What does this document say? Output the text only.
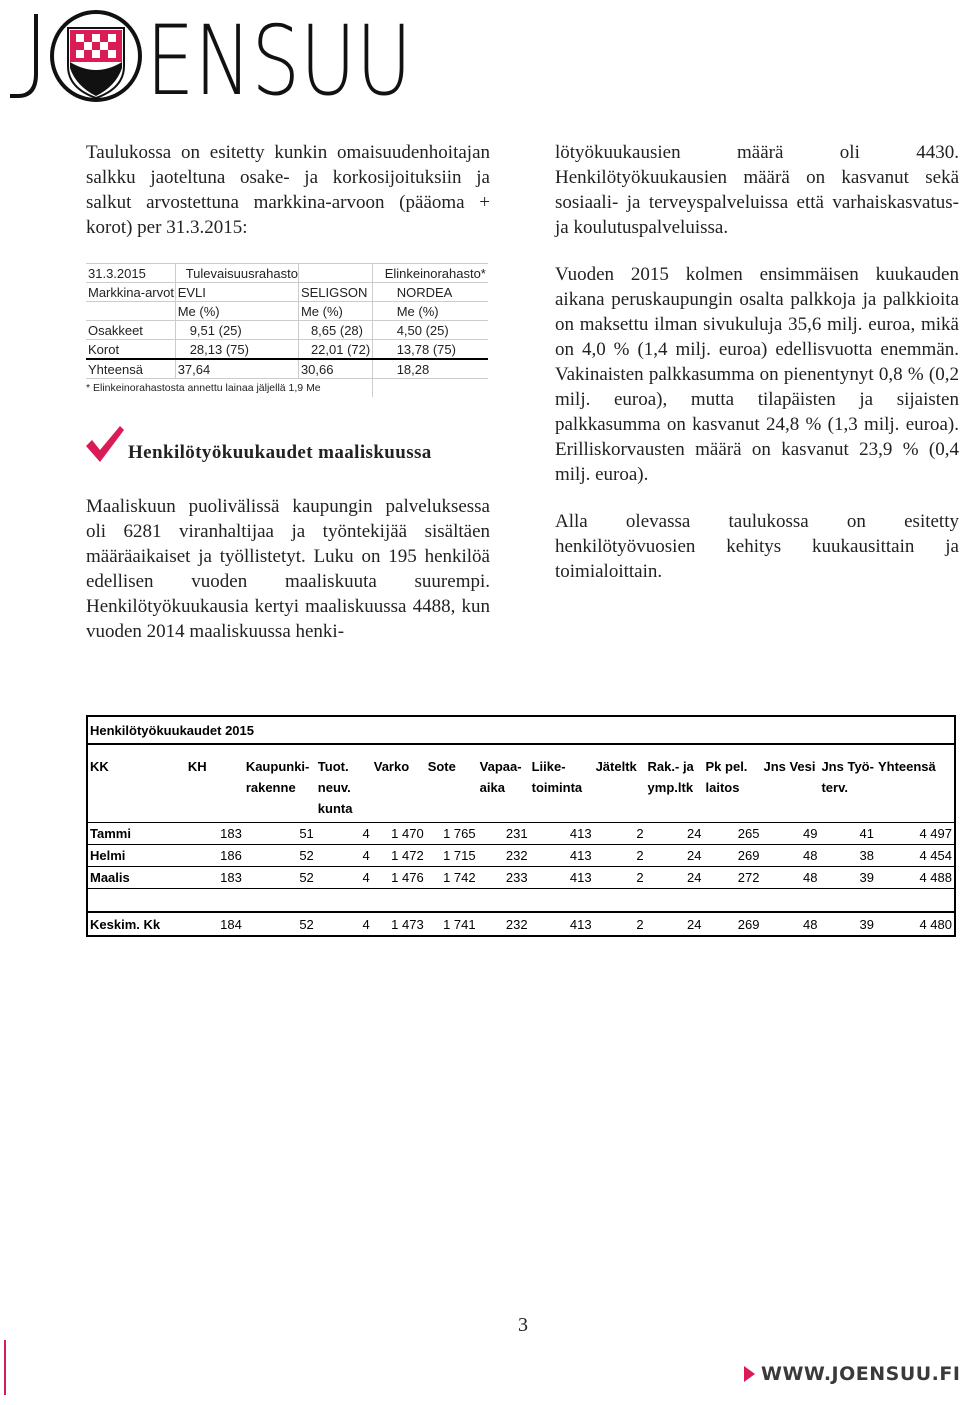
ENSUU

Taulukossa on esitetty kunkin omaisuudenhoitajan salkku jaoteltuna osake- ja korkosijoituksiin ja salkut arvostettuna markkina-arvoon (pääoma + korot) per 31.3.2015:

31.3.2015	Tulevaisuusrahasto		Elinkeinorahasto*
Markkina-arvot	EVLI	SELIGSON	NORDEA
	Me (%)	Me (%)	Me (%)
Osakkeet	9,51 (25)	8,65 (28)	4,50 (25)
Korot	28,13 (75)	22,01 (72)	13,78 (75)
Yhteensä	37,64	30,66	18,28
* Elinkeinorahastosta annettu lainaa jäljellä 1,9 Me			
Henkilötyökuukaudet maaliskuussa

Maaliskuun puolivälissä kaupungin palveluksessa oli 6281 viranhaltijaa ja työntekijää sisältäen määräaikaiset ja työllistetyt. Luku on 195 henkilöä edellisen vuoden maaliskuuta suurempi. Henkilötyökuukausia kertyi maaliskuussa 4488, kun vuoden 2014 maaliskuussa henki-

lötyökuukausien määrä oli 4430. Henkilötyökuukausien määrä on kasvanut sekä sosiaali- ja terveyspalveluissa että varhaiskasvatus- ja koulutuspalveluissa.

Vuoden 2015 kolmen ensimmäisen kuukauden aikana peruskaupungin osalta palkkoja ja palkkioita on maksettu ilman sivukuluja 35,6 milj. euroa, mikä on 4,0 % (1,4 milj. euroa) edellisvuotta enemmän. Vakinaisten palkkasumma on pienentynyt 0,8 % (0,2 milj. euroa), mutta tilapäisten ja sijaisten palkkasumma on kasvanut 24,8 % (1,3 milj. euroa). Erilliskorvausten määrä on kasvanut 23,9 % (0,4 milj. euroa).

Alla olevassa taulukossa on esitetty henkilötyövuosien kehitys kuukausittain ja toimialoittain.

Henkilötyökuukaudet 2015													

KK	KH	Kaupunki-	Tuot.	Varko	Sote	Vapaa-	Liike-	Jäteltk	Rak.- ja	Pk pel.	Jns Vesi	Jns Työ-	Yhteensä
		rakenne	neuv.			aika	toiminta		ymp.ltk	laitos		terv.	
			kunta										
Tammi	183	51	4	1 470	1 765	231	413	2	24	265	49	41	4 497
Helmi	186	52	4	1 472	1 715	232	413	2	24	269	48	38	4 454
Maalis	183	52	4	1 476	1 742	233	413	2	24	272	48	39	4 488

Keskim. Kk	184	52	4	1 473	1 741	232	413	2	24	269	48	39	4 480
3
WWW.JOENSUU.FI
